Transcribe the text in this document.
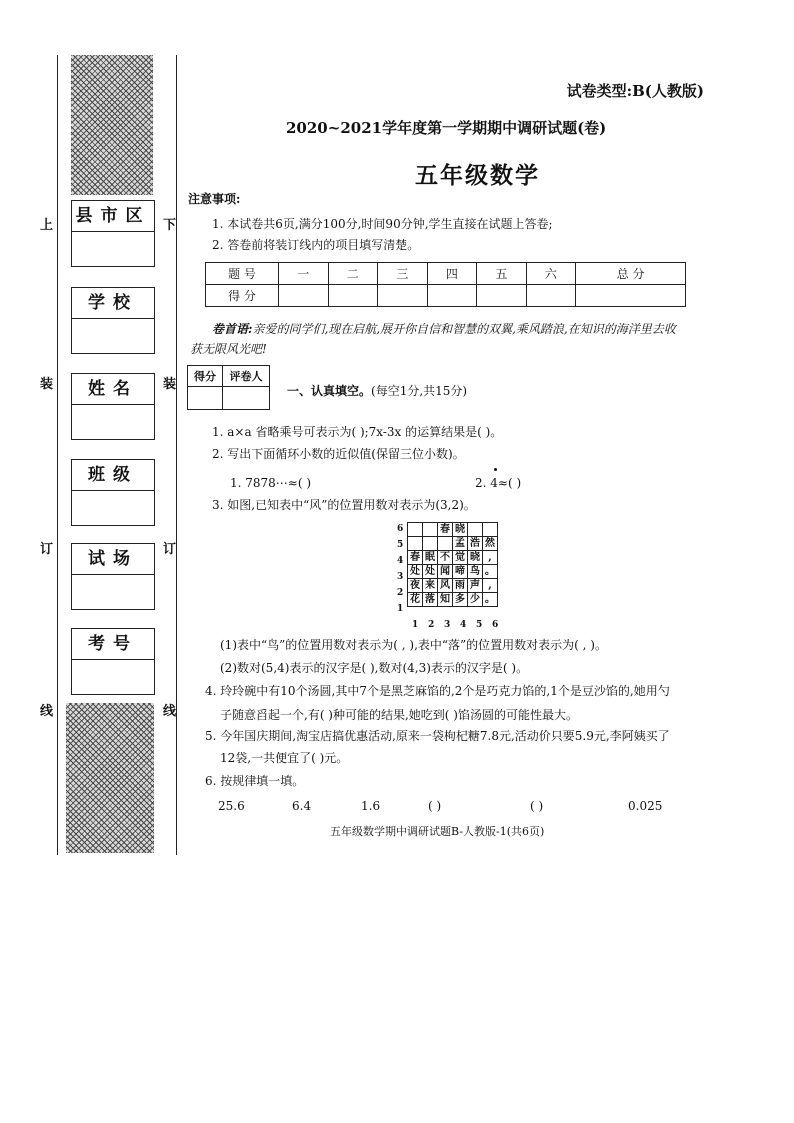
上
装
订
线
下
装
订
线
县市区
学校
姓名
班级
试场
考号
试卷类型:B(人教版)
2020~2021学年度第一学期期中调研试题(卷)
五年级数学
注意事项:
1. 本试卷共6页,满分100分,时间90分钟,学生直接在试题上答卷;
2. 答卷前将装订线内的项目填写清楚。
题 号	一	二	三	四	五	六	总 分
得 分							
卷首语:亲爱的同学们,现在启航,展开你自信和智慧的双翼,乘风踏浪,在知识的海洋里去收
获无限风光吧!
得分	评卷人

一、认真填空。(每空1分,共15分)
1. a×a 省略乘号可表示为( );7x-3x 的运算结果是( )。
2. 写出下面循环小数的近似值(保留三位小数)。
1. 7878⋯≈( )	2. 4≈( )
3. 如图,已知表中“风”的位置用数对表示为(3,2)。
6
5
4
3
2
1
		春	晓		
			孟	浩	然
春	眠	不	觉	晓	,
处	处	闻	啼	鸟	。
夜	来	风	雨	声	,
花	落	知	多	少	。
1 2 3 4 5 6
(1)表中“鸟”的位置用数对表示为( , ),表中“落”的位置用数对表示为( , )。
(2)数对(5,4)表示的汉字是( ),数对(4,3)表示的汉字是( )。
4. 玲玲碗中有10个汤圆,其中7个是黑芝麻馅的,2个是巧克力馅的,1个是豆沙馅的,她用勺
子随意舀起一个,有( )种可能的结果,她吃到( )馅汤圆的可能性最大。
5. 今年国庆期间,淘宝店搞优惠活动,原来一袋枸杞糖7.8元,活动价只要5.9元,李阿姨买了
12袋,一共便宜了( )元。
6. 按规律填一填。
25.6	6.4	1.6	( )	( )	0.025
五年级数学期中调研试题B-人教版-1(共6页)
